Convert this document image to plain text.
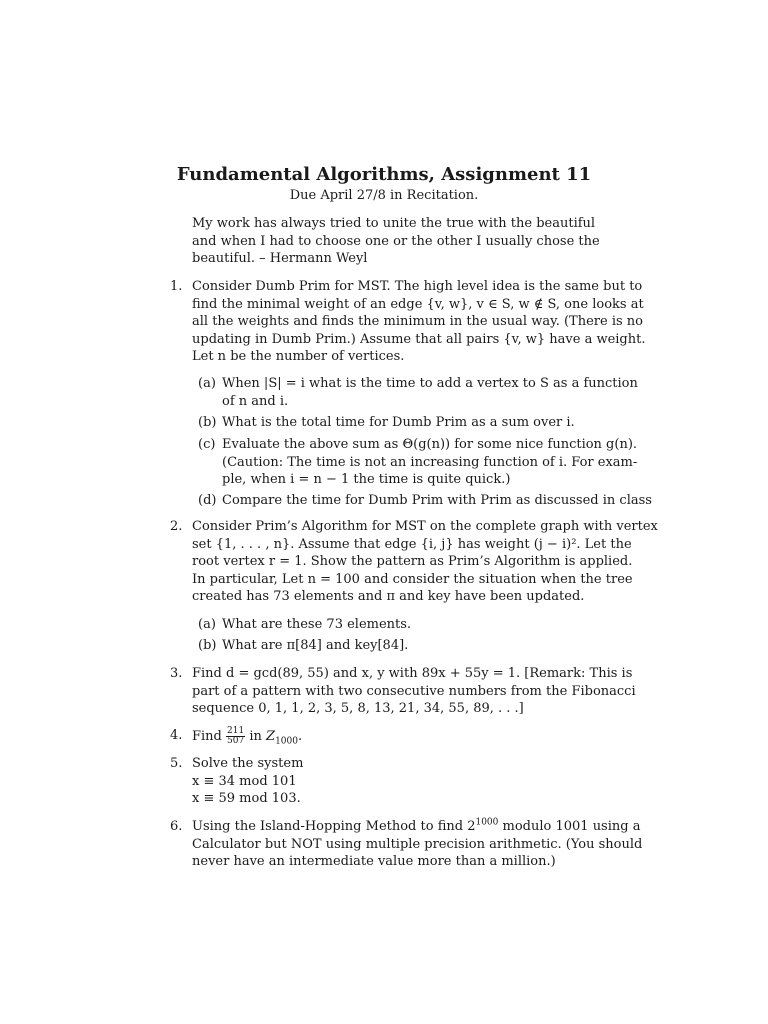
Fundamental Algorithms, Assignment 11
Due April 27/8 in Recitation.
My work has always tried to unite the true with the beautiful
and when I had to choose one or the other I usually chose the
beautiful. – Hermann Weyl
1. Consider Dumb Prim for MST. The high level idea is the same but to
find the minimal weight of an edge {v, w}, v ∈ S, w ∉ S, one looks at
all the weights and finds the minimum in the usual way. (There is no
updating in Dumb Prim.) Assume that all pairs {v, w} have a weight.
Let n be the number of vertices.
(a) When |S| = i what is the time to add a vertex to S as a function
of n and i.
(b) What is the total time for Dumb Prim as a sum over i.
(c) Evaluate the above sum as Θ(g(n)) for some nice function g(n).
(Caution: The time is not an increasing function of i. For exam-
ple, when i = n − 1 the time is quite quick.)
(d) Compare the time for Dumb Prim with Prim as discussed in class
2. Consider Prim’s Algorithm for MST on the complete graph with vertex
set {1, . . . , n}. Assume that edge {i, j} has weight (j − i)². Let the
root vertex r = 1. Show the pattern as Prim’s Algorithm is applied.
In particular, Let n = 100 and consider the situation when the tree
created has 73 elements and π and key have been updated.
(a) What are these 73 elements.
(b) What are π[84] and key[84].
3. Find d = gcd(89, 55) and x, y with 89x + 55y = 1. [Remark: This is
part of a pattern with two consecutive numbers from the Fibonacci
sequence 0, 1, 1, 2, 3, 5, 8, 13, 21, 34, 55, 89, . . .]
4. Find $\frac{211}{507}$ in $Z_{1000}$.
5. Solve the system
x ≡ 34 mod 101
x ≡ 59 mod 103.
6. Using the Island-Hopping Method to find $2^{1000}$ modulo 1001 using a
Calculator but NOT using multiple precision arithmetic. (You should
never have an intermediate value more than a million.)
